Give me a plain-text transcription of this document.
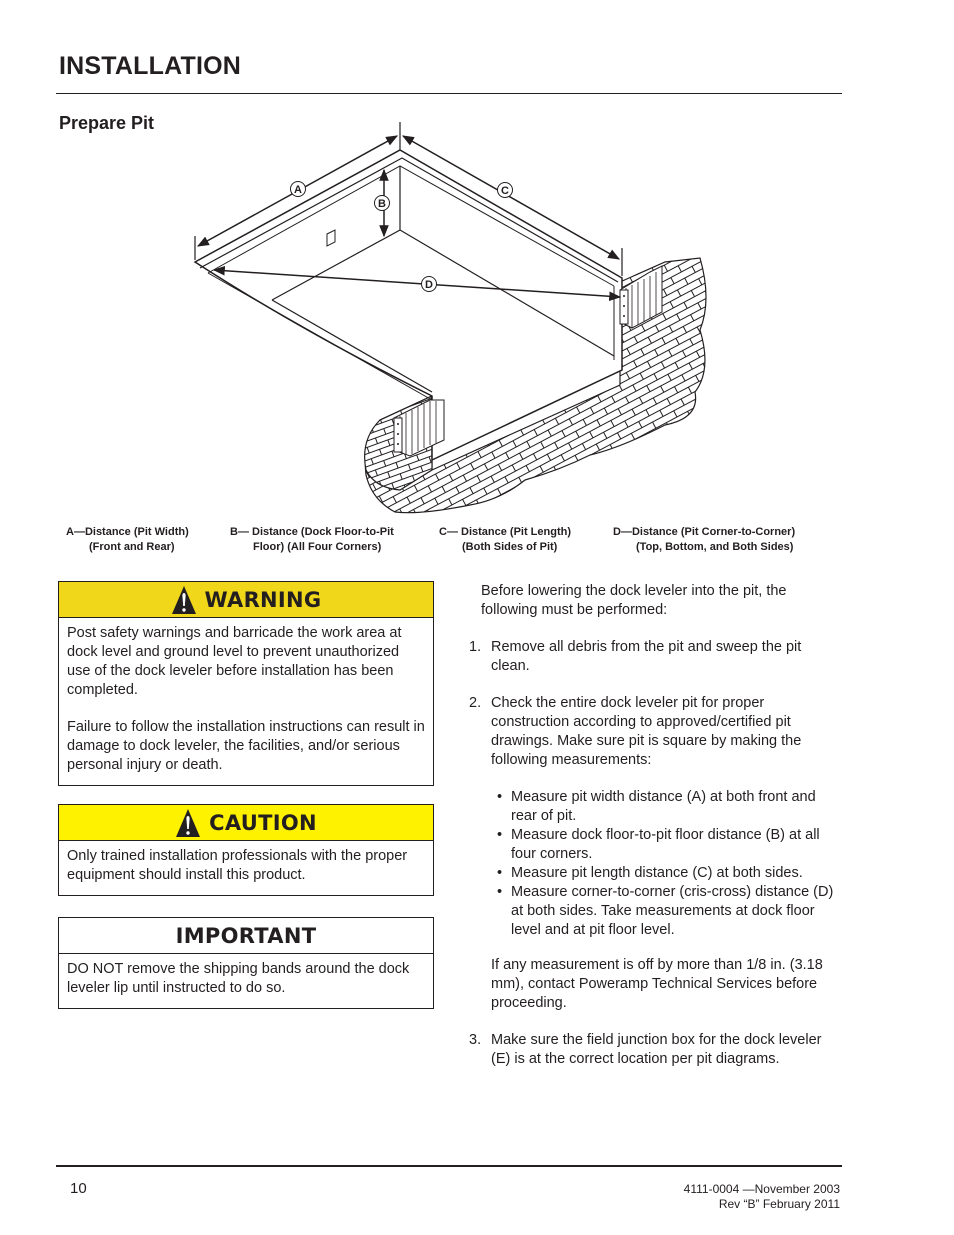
INSTALLATION
Prepare Pit
A	C
B
D
A—Distance (Pit Width)
(Front and Rear)
B— Distance (Dock Floor-to-Pit
Floor) (All Four Corners)
C— Distance (Pit Length)
(Both Sides of Pit)
D—Distance (Pit Corner-to-Corner)
(Top, Bottom, and Both Sides)
WARNING

Post safety warnings and barricade the work area at dock level and ground level to prevent unauthorized use of the dock leveler before installation has been completed.

Failure to follow the installation instructions can result in damage to dock leveler, the facilities, and/or serious personal injury or death.

CAUTION

Only trained installation professionals with the proper equipment should install this product.

IMPORTANT

DO NOT remove the shipping bands around the dock leveler lip until instructed to do so.

Before lowering the dock leveler into the pit, the following must be performed:
1. Remove all debris from the pit and sweep the pit clean.
2. Check the entire dock leveler pit for proper construction according to approved/certified pit drawings. Make sure pit is square by making the following measurements:
• Measure pit width distance (A) at both front and rear of pit.
• Measure dock floor-to-pit floor distance (B) at all four corners.
• Measure pit length distance (C) at both sides.
• Measure corner-to-corner (cris-cross) distance (D) at both sides. Take measurements at dock floor level and at pit floor level.
If any measurement is off by more than 1/8 in. (3.18 mm), contact Poweramp Technical Services before proceeding.
3. Make sure the field junction box for the dock leveler (E) is at the correct location per pit diagrams.
10	4111-0004 —November 2003
Rev “B” February 2011
